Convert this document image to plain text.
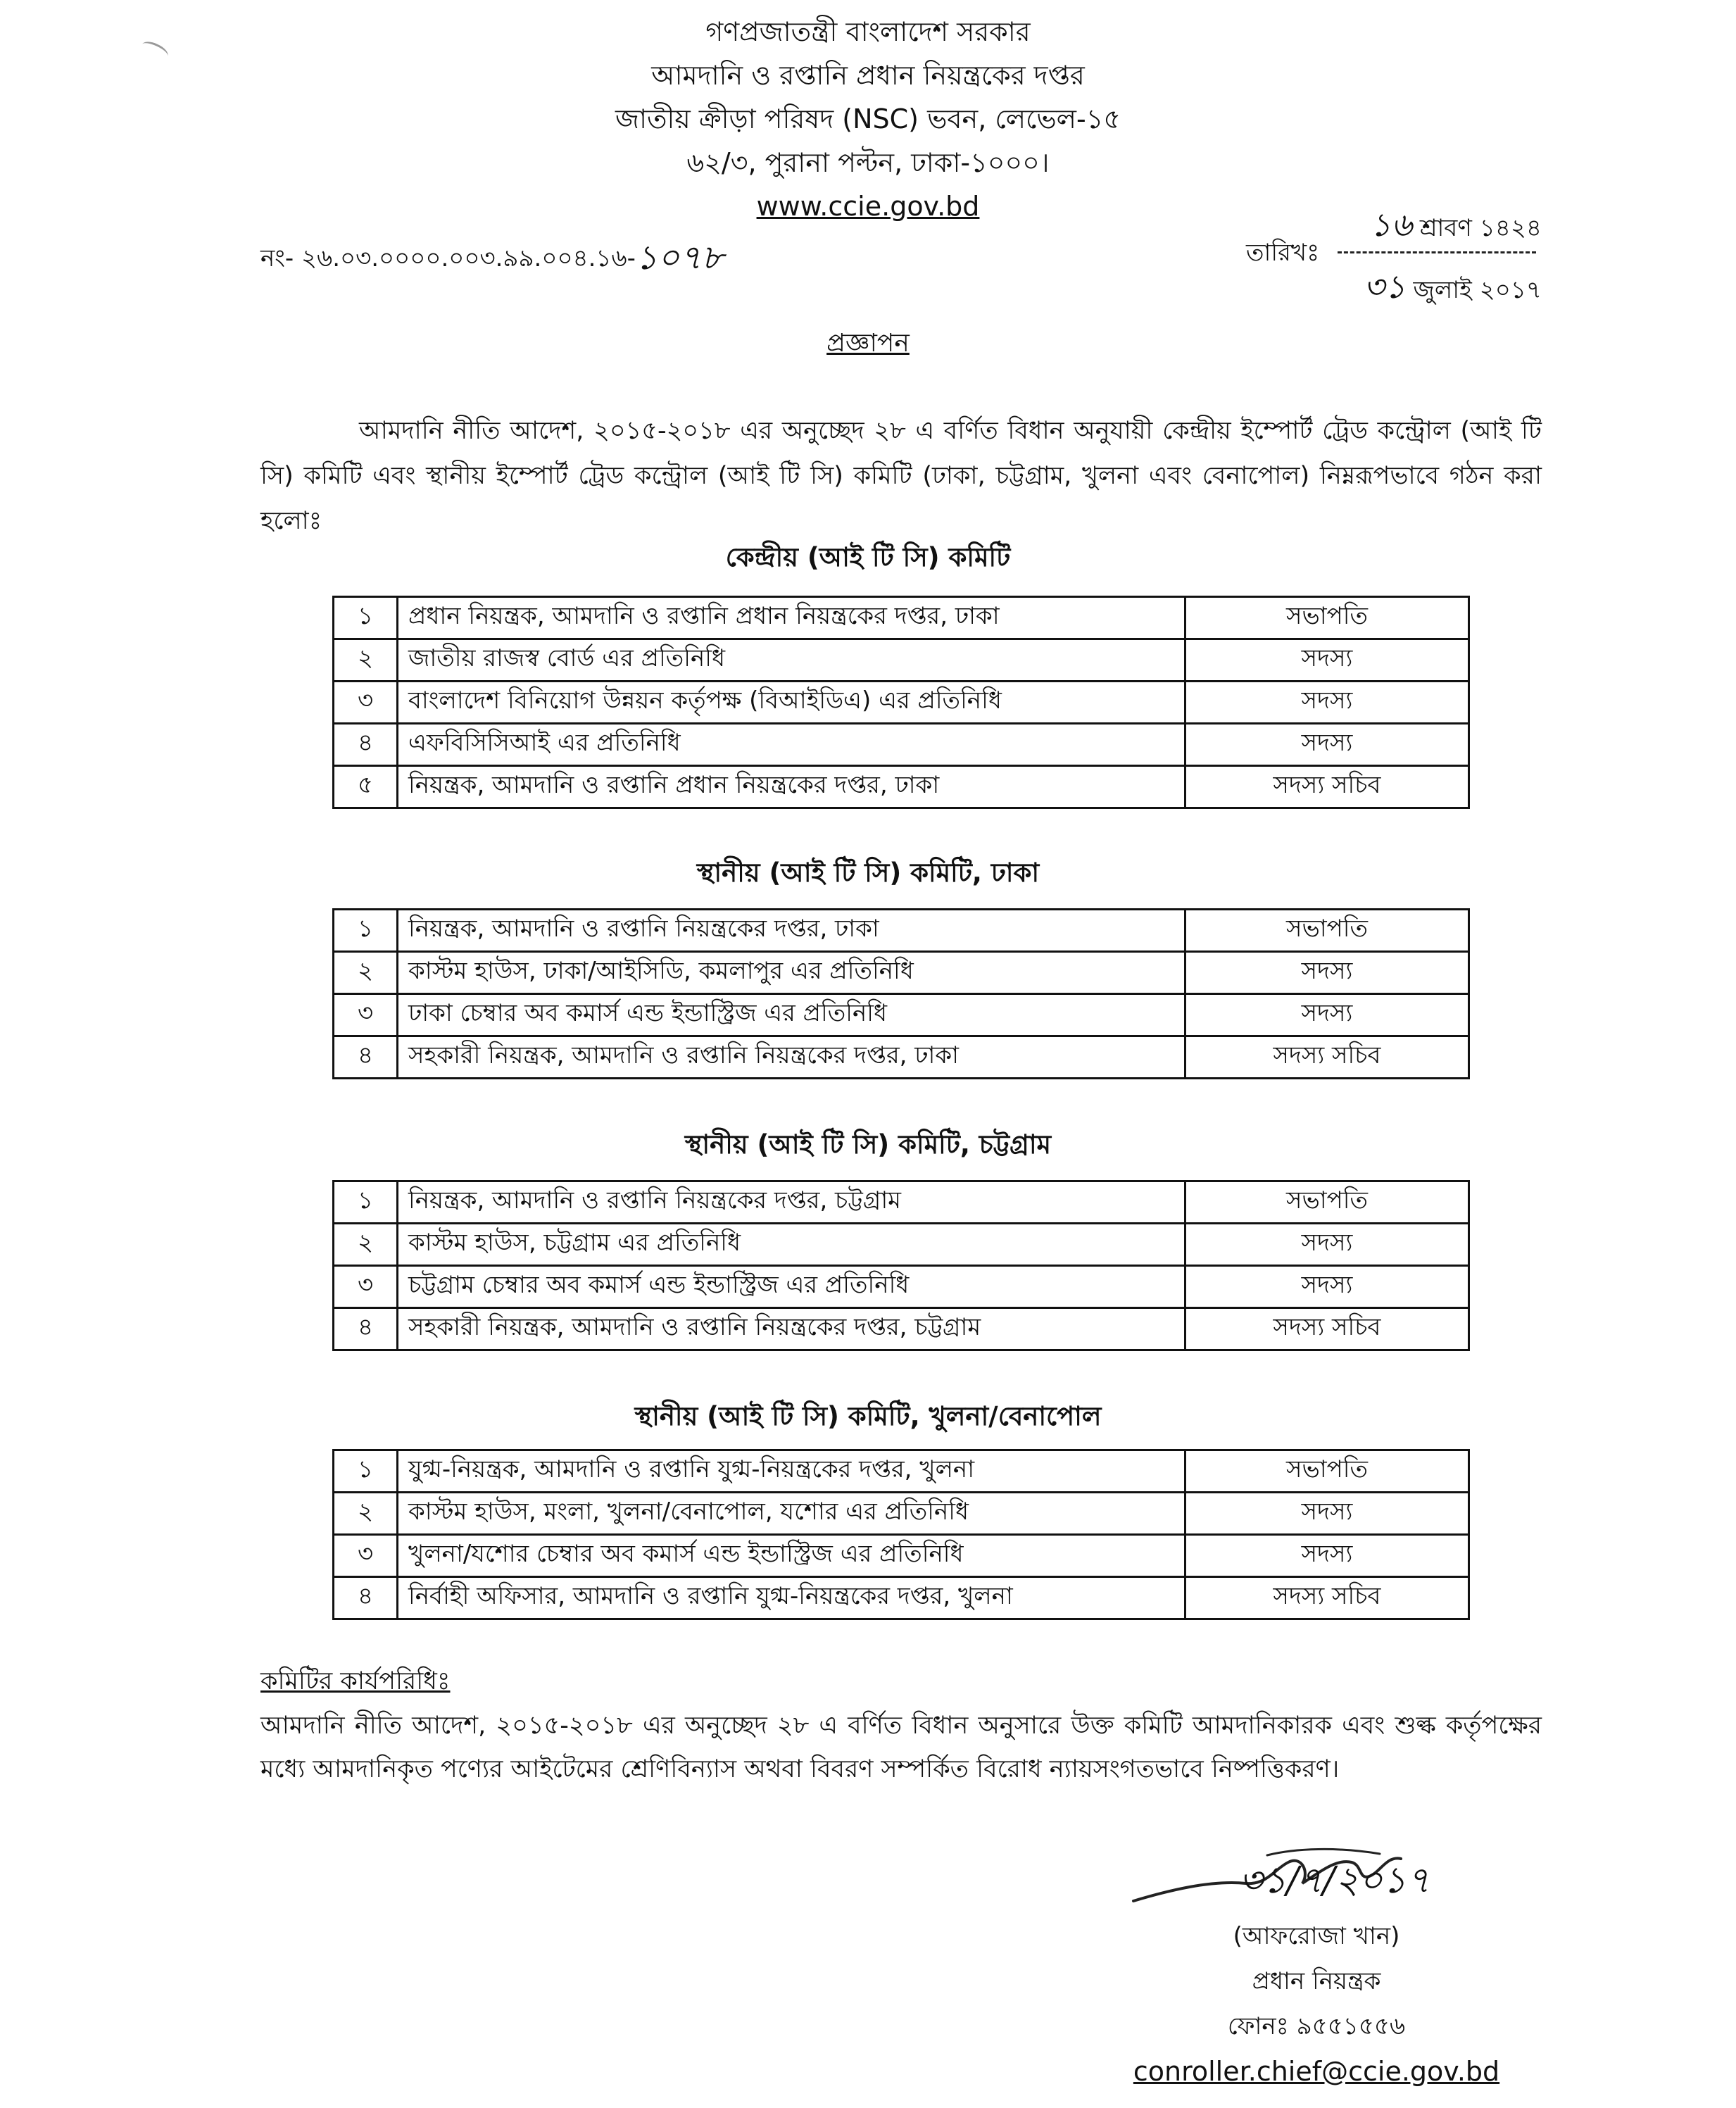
গণপ্রজাতন্ত্রী বাংলাদেশ সরকার
আমদানি ও রপ্তানি প্রধান নিয়ন্ত্রকের দপ্তর
জাতীয় ক্রীড়া পরিষদ (NSC) ভবন, লেভেল-১৫
৬২/৩, পুরানা পল্টন, ঢাকা-১০০০।
www.ccie.gov.bd
নং- ২৬.০৩.০০০০.০০৩.৯৯.০০৪.১৬-১০৭৮	তারিখঃ
১৬ শ্রাবণ ১৪২৪
৩১ জুলাই ২০১৭
প্রজ্ঞাপন

আমদানি নীতি আদেশ, ২০১৫-২০১৮ এর অনুচ্ছেদ ২৮ এ বর্ণিত বিধান অনুযায়ী কেন্দ্রীয় ইম্পোর্ট ট্রেড কন্ট্রোল (আই টি সি) কমিটি এবং স্থানীয় ইম্পোর্ট ট্রেড কন্ট্রোল (আই টি সি) কমিটি (ঢাকা, চট্টগ্রাম, খুলনা এবং বেনাপোল) নিম্নরূপভাবে গঠন করা হলোঃ

কেন্দ্রীয় (আই টি সি) কমিটি
১	প্রধান নিয়ন্ত্রক, আমদানি ও রপ্তানি প্রধান নিয়ন্ত্রকের দপ্তর, ঢাকা	সভাপতি
২	জাতীয় রাজস্ব বোর্ড এর প্রতিনিধি	সদস্য
৩	বাংলাদেশ বিনিয়োগ উন্নয়ন কর্তৃপক্ষ (বিআইডিএ) এর প্রতিনিধি	সদস্য
৪	এফবিসিসিআই এর প্রতিনিধি	সদস্য
৫	নিয়ন্ত্রক, আমদানি ও রপ্তানি প্রধান নিয়ন্ত্রকের দপ্তর, ঢাকা	সদস্য সচিব
স্থানীয় (আই টি সি) কমিটি, ঢাকা
১	নিয়ন্ত্রক, আমদানি ও রপ্তানি নিয়ন্ত্রকের দপ্তর, ঢাকা	সভাপতি
২	কাস্টম হাউস, ঢাকা/আইসিডি, কমলাপুর এর প্রতিনিধি	সদস্য
৩	ঢাকা চেম্বার অব কমার্স এন্ড ইন্ডাস্ট্রিজ এর প্রতিনিধি	সদস্য
৪	সহকারী নিয়ন্ত্রক, আমদানি ও রপ্তানি নিয়ন্ত্রকের দপ্তর, ঢাকা	সদস্য সচিব
স্থানীয় (আই টি সি) কমিটি, চট্টগ্রাম
১	নিয়ন্ত্রক, আমদানি ও রপ্তানি নিয়ন্ত্রকের দপ্তর, চট্টগ্রাম	সভাপতি
২	কাস্টম হাউস, চট্টগ্রাম এর প্রতিনিধি	সদস্য
৩	চট্টগ্রাম চেম্বার অব কমার্স এন্ড ইন্ডাস্ট্রিজ এর প্রতিনিধি	সদস্য
৪	সহকারী নিয়ন্ত্রক, আমদানি ও রপ্তানি নিয়ন্ত্রকের দপ্তর, চট্টগ্রাম	সদস্য সচিব
স্থানীয় (আই টি সি) কমিটি, খুলনা/বেনাপোল
১	যুগ্ম-নিয়ন্ত্রক, আমদানি ও রপ্তানি যুগ্ম-নিয়ন্ত্রকের দপ্তর, খুলনা	সভাপতি
২	কাস্টম হাউস, মংলা, খুলনা/বেনাপোল, যশোর এর প্রতিনিধি	সদস্য
৩	খুলনা/যশোর চেম্বার অব কমার্স এন্ড ইন্ডাস্ট্রিজ এর প্রতিনিধি	সদস্য
৪	নির্বাহী অফিসার, আমদানি ও রপ্তানি যুগ্ম-নিয়ন্ত্রকের দপ্তর, খুলনা	সদস্য সচিব
কমিটির কার্যপরিধিঃ

আমদানি নীতি আদেশ, ২০১৫-২০১৮ এর অনুচ্ছেদ ২৮ এ বর্ণিত বিধান অনুসারে উক্ত কমিটি আমদানিকারক এবং শুল্ক কর্তৃপক্ষের মধ্যে আমদানিকৃত পণ্যের আইটেমের শ্রেণিবিন্যাস অথবা বিবরণ সম্পর্কিত বিরোধ ন্যায়সংগতভাবে নিষ্পত্তিকরণ।

৩১/৭/২০১৭
(আফরোজা খান)
প্রধান নিয়ন্ত্রক
ফোনঃ ৯৫৫১৫৫৬
conroller.chief@ccie.gov.bd
